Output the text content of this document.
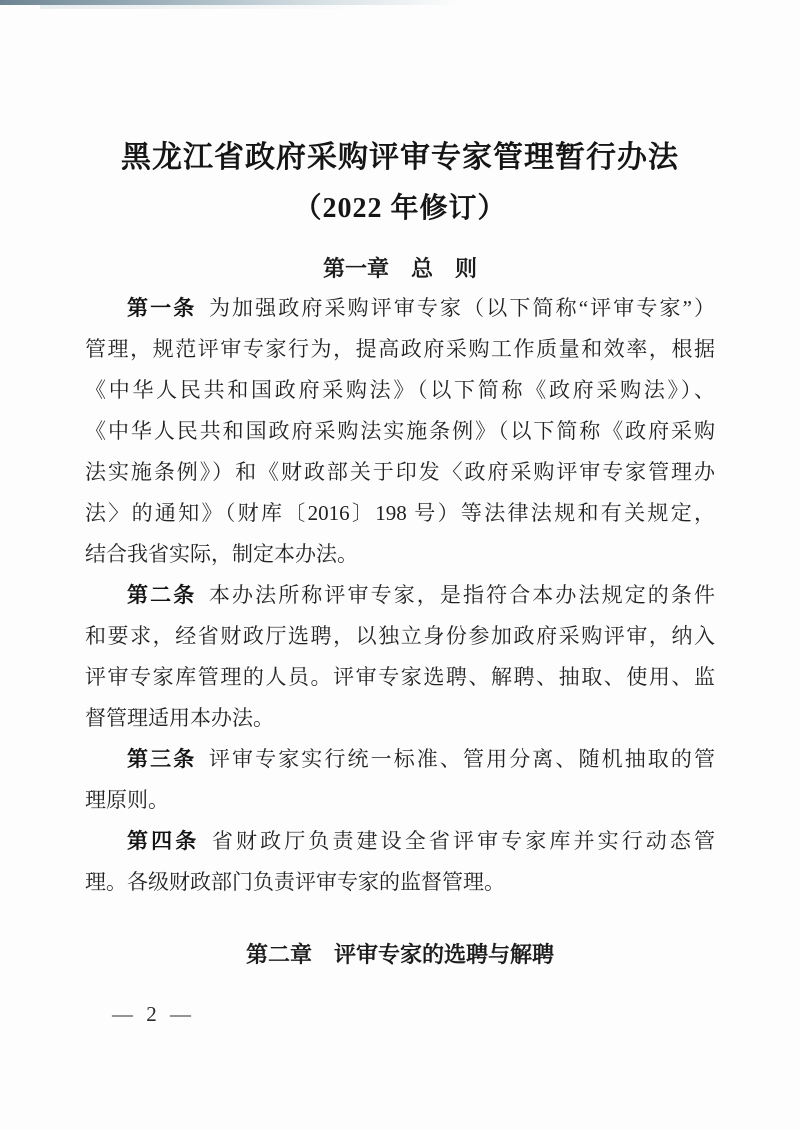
黑龙江省政府采购评审专家管理暂行办法
（2022 年修订）
第一章　总　则
第一条 为加强政府采购评审专家（以下简称“评审专家”）
管理，规范评审专家行为，提高政府采购工作质量和效率，根据
《中华人民共和国政府采购法》（以下简称《政府采购法》）、
《中华人民共和国政府采购法实施条例》（以下简称《政府采购
法实施条例》）和《财政部关于印发〈政府采购评审专家管理办
法〉的通知》（财库〔2016〕198 号）等法律法规和有关规定，
结合我省实际，制定本办法。
第二条 本办法所称评审专家，是指符合本办法规定的条件
和要求，经省财政厅选聘，以独立身份参加政府采购评审，纳入
评审专家库管理的人员。评审专家选聘、解聘、抽取、使用、监
督管理适用本办法。
第三条 评审专家实行统一标准、管用分离、随机抽取的管
理原则。
第四条 省财政厅负责建设全省评审专家库并实行动态管
理。各级财政部门负责评审专家的监督管理。
第二章　评审专家的选聘与解聘
— 2 —
